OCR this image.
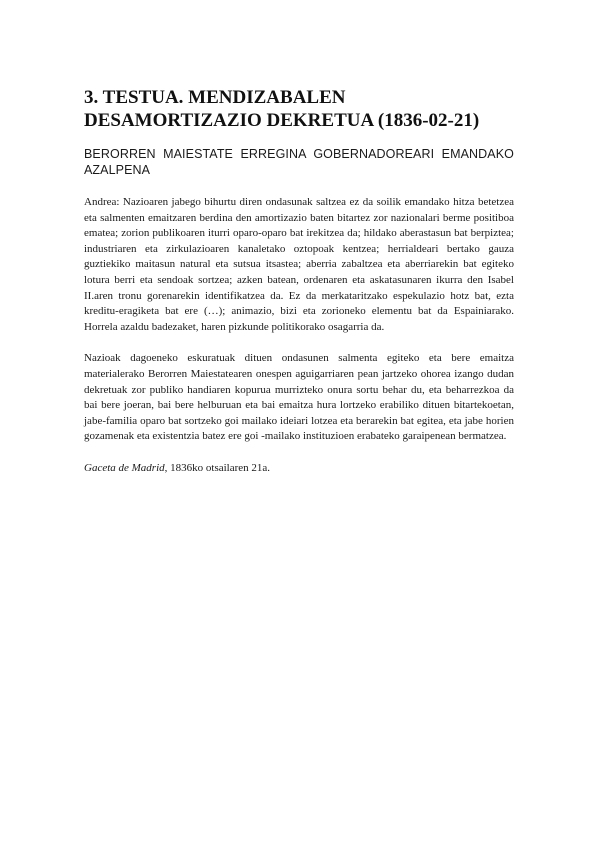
3. TESTUA. MENDIZABALEN DESAMORTIZAZIO DEKRETUA (1836-02-21)

BERORREN MAIESTATE ERREGINA GOBERNADOREARI EMANDAKO AZALPENA

Andrea: Nazioaren jabego bihurtu diren ondasunak saltzea ez da soilik emandako hitza betetzea eta salmenten emaitzaren berdina den amortizazio baten bitartez zor nazionalari berme positiboa ematea; zorion publikoaren iturri oparo-oparo bat irekitzea da; hildako aberastasun bat berpiztea; industriaren eta zirkulazioaren kanaletako oztopoak kentzea; herrialdeari bertako gauza guztiekiko maitasun natural eta sutsua itsastea; aberria zabaltzea eta aberriarekin bat egiteko lotura berri eta sendoak sortzea; azken batean, ordenaren eta askatasunaren ikurra den Isabel II.aren tronu gorenarekin identifikatzea da. Ez da merkataritzako espekulazio hotz bat, ezta kreditu-eragiketa bat ere (…); animazio, bizi eta zorioneko elementu bat da Espainiarako. Horrela azaldu badezaket, haren pizkunde politikorako osagarria da.

Nazioak dagoeneko eskuratuak dituen ondasunen salmenta egiteko eta bere emaitza materialerako Berorren Maiestatearen onespen aguigarriaren pean jartzeko ohorea izango dudan dekretuak zor publiko handiaren kopurua murrizteko onura sortu behar du, eta beharrezkoa da bai bere joeran, bai bere helburuan eta bai emaitza hura lortzeko erabiliko dituen bitartekoetan, jabe-familia oparo bat sortzeko goi mailako ideiari lotzea eta berarekin bat egitea, eta jabe horien gozamenak eta existentzia batez ere goi -mailako instituzioen erabateko garaipenean bermatzea.

Gaceta de Madrid, 1836ko otsailaren 21a.
